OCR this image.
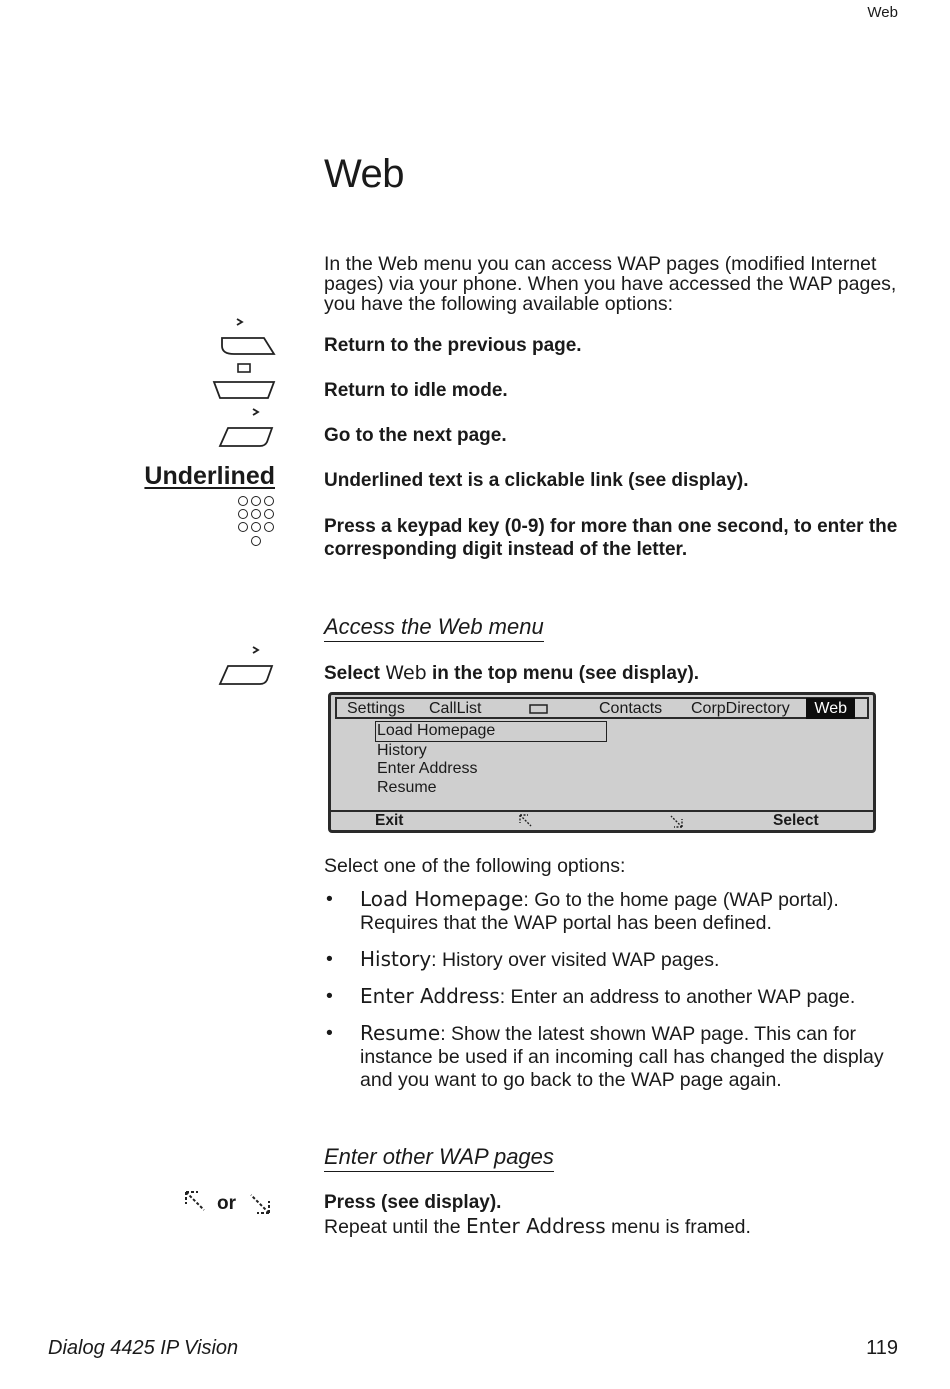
Web
Web
In the Web menu you can access WAP pages (modified Internet pages) via your phone. When you have accessed the WAP pages, you have the following available options:
Return to the previous page.
Return to idle mode.
Go to the next page.
Underlined	Underlined text is a clickable link (see display).
Press a keypad key (0-9) for more than one second, to enter the corresponding digit instead of the letter.
Access the Web menu
Select Web in the top menu (see display).
Settings CallList	Contacts CorpDirectory	Web
Load Homepage
History
Enter Address
Resume
Exit	Select
Select one of the following options:
• Load Homepage: Go to the home page (WAP portal). Requires that the WAP portal has been defined.
• History: History over visited WAP pages.
• Enter Address: Enter an address to another WAP page.
• Resume: Show the latest shown WAP page. This can for instance be used if an incoming call has changed the display and you want to go back to the WAP page again.
Enter other WAP pages
or	Press (see display).
Repeat until the Enter Address menu is framed.
Dialog 4425 IP Vision	119
